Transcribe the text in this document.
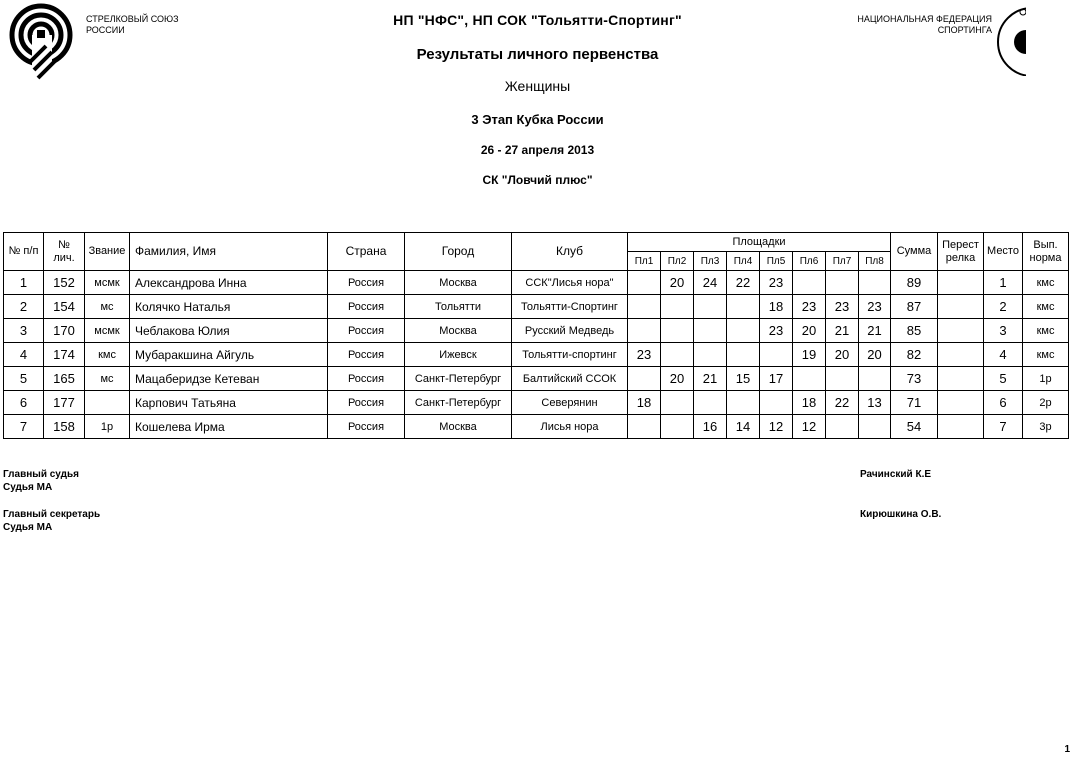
СТРЕЛКОВЫЙ СОЮЗ
РОССИИ
НАЦИОНАЛЬНАЯ ФЕДЕРАЦИЯ
СПОРТИНГА
НП "НФС", НП СОК "Тольятти-Спортинг"
Результаты личного первенства
Женщины
3 Этап Кубка России
26 - 27 апреля 2013
СК "Ловчий плюс"
№ п/п	№ лич.	Звание	Фамилия, Имя	Страна	Город	Клуб	Площадки								Сумма	Перест релка	Место	Вып. норма
							Пл1	Пл2	Пл3	Пл4	Пл5	Пл6	Пл7	Пл8				
1	152	мсмк	Александрова Инна	Россия	Москва	ССК"Лисья нора"		20	24	22	23				89		1	кмс
2	154	мс	Колячко Наталья	Россия	Тольятти	Тольятти-Спортинг					18	23	23	23	87		2	кмс
3	170	мсмк	Чеблакова Юлия	Россия	Москва	Русский Медведь					23	20	21	21	85		3	кмс
4	174	кмс	Мубаракшина Айгуль	Россия	Ижевск	Тольятти-спортинг	23					19	20	20	82		4	кмс
5	165	мс	Мацаберидзе Кетеван	Россия	Санкт-Петербург	Балтийский ССОК		20	21	15	17				73		5	1р
6	177		Карпович Татьяна	Россия	Санкт-Петербург	Северянин	18					18	22	13	71		6	2р
7	158	1р	Кошелева Ирма	Россия	Москва	Лисья нора			16	14	12	12			54		7	3р
Главный судья
Судья МА
Рачинский К.Е
Главный секретарь
Судья МА
Кирюшкина О.В.
1
